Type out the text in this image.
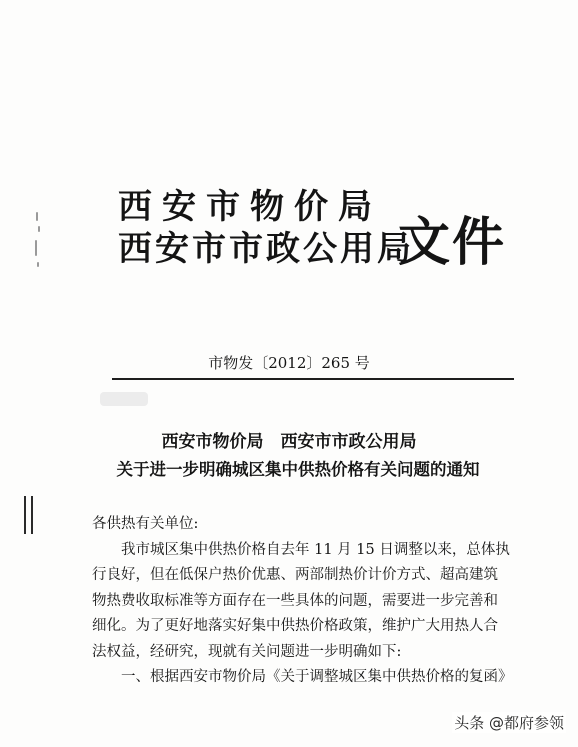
西安市物价局
西安市市政公用局
文件
市物发〔2012〕265 号
西安市物价局　西安市市政公用局
关于进一步明确城区集中供热价格有关问题的通知

各供热有关单位:

我市城区集中供热价格自去年 11 月 15 日调整以来，总体执

行良好，但在低保户热价优惠、两部制热价计价方式、超高建筑

物热费收取标准等方面存在一些具体的问题，需要进一步完善和

细化。为了更好地落实好集中供热价格政策，维护广大用热人合

法权益，经研究，现就有关问题进一步明确如下:

一、根据西安市物价局《关于调整城区集中供热价格的复函》

头条 @都府参领
